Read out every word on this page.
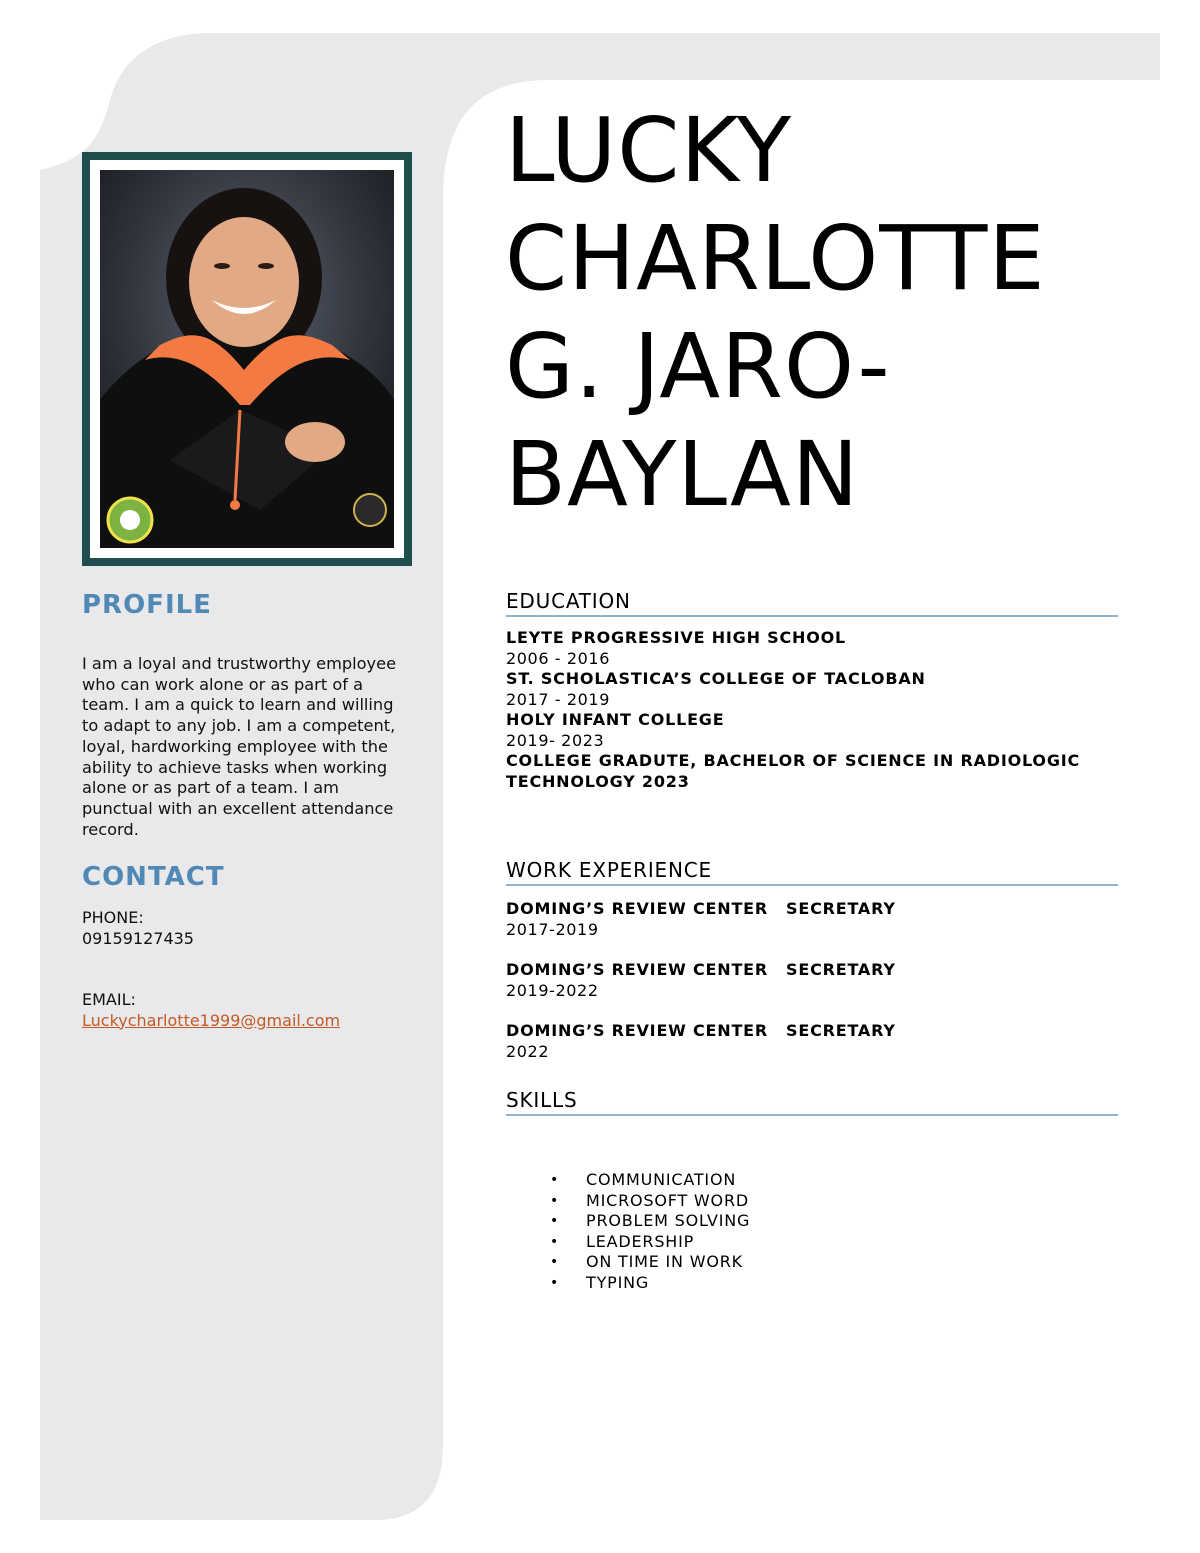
PROFILE
I am a loyal and trustworthy employee who can work alone or as part of a team. I am a quick to learn and willing to adapt to any job. I am a competent, loyal, hardworking employee with the ability to achieve tasks when working alone or as part of a team. I am punctual with an excellent attendance record.
CONTACT
PHONE:
09159127435
EMAIL:
Luckycharlotte1999@gmail.com
LUCKY
CHARLOTTE
G. JARO-
BAYLAN
EDUCATION
LEYTE PROGRESSIVE HIGH SCHOOL
2006 - 2016
ST. SCHOLASTICA’S COLLEGE OF TACLOBAN
2017 - 2019
HOLY INFANT COLLEGE
2019- 2023
COLLEGE GRADUTE, BACHELOR OF SCIENCE IN RADIOLOGIC TECHNOLOGY 2023
WORK EXPERIENCE
DOMING’S REVIEW CENTER SECRETARY
2017-2019
DOMING’S REVIEW CENTER SECRETARY
2019-2022
DOMING’S REVIEW CENTER SECRETARY
2022
SKILLS
• COMMUNICATION
• MICROSOFT WORD
• PROBLEM SOLVING
• LEADERSHIP
• ON TIME IN WORK
• TYPING
